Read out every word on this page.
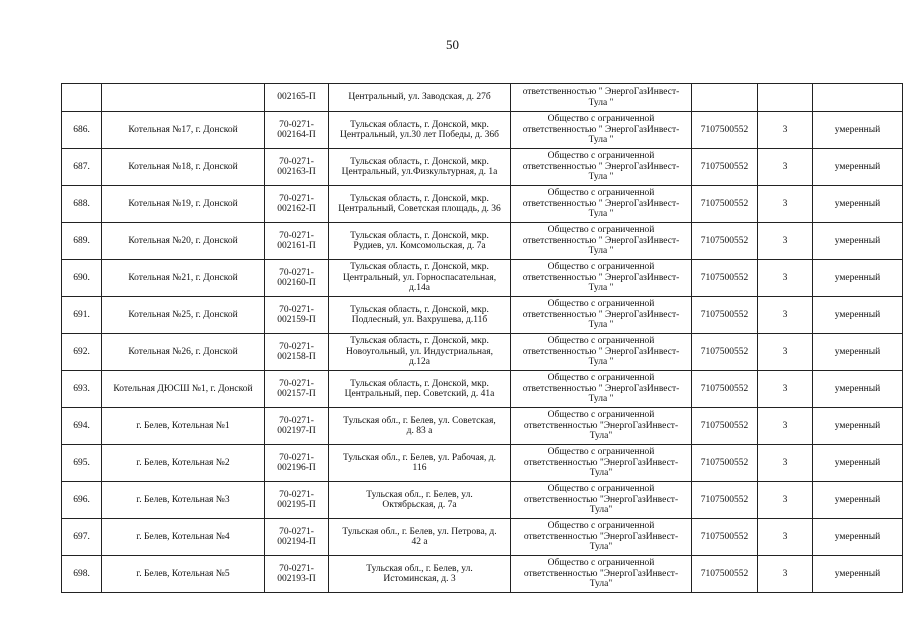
50
		002165-П	Центральный, ул. Заводская, д. 27б	ответственностью " ЭнергоГазИнвест-
Тула "			
686.	Котельная №17, г. Донской	70-0271-
002164-П	Тульская область, г. Донской, мкр.
Центральный, ул.30 лет Победы, д. 36б	Общество с ограниченной
ответственностью " ЭнергоГазИнвест-
Тула "	7107500552	3	умеренный
687.	Котельная №18, г. Донской	70-0271-
002163-П	Тульская область, г. Донской, мкр.
Центральный, ул.Физкультурная, д. 1а	Общество с ограниченной
ответственностью " ЭнергоГазИнвест-
Тула "	7107500552	3	умеренный
688.	Котельная №19, г. Донской	70-0271-
002162-П	Тульская область, г. Донской, мкр.
Центральный, Советская площадь, д. 36	Общество с ограниченной
ответственностью " ЭнергоГазИнвест-
Тула "	7107500552	3	умеренный
689.	Котельная №20, г. Донской	70-0271-
002161-П	Тульская область, г. Донской, мкр.
Рудиев, ул. Комсомольская, д. 7а	Общество с ограниченной
ответственностью " ЭнергоГазИнвест-
Тула "	7107500552	3	умеренный
690.	Котельная №21, г. Донской	70-0271-
002160-П	Тульская область, г. Донской, мкр.
Центральный, ул. Горноспасательная,
д.14а	Общество с ограниченной
ответственностью " ЭнергоГазИнвест-
Тула "	7107500552	3	умеренный
691.	Котельная №25, г. Донской	70-0271-
002159-П	Тульская область, г. Донской, мкр.
Подлесный, ул. Вахрушева, д.11б	Общество с ограниченной
ответственностью " ЭнергоГазИнвест-
Тула "	7107500552	3	умеренный
692.	Котельная №26, г. Донской	70-0271-
002158-П	Тульская область, г. Донской, мкр.
Новоугольный, ул. Индустриальная,
д.12а	Общество с ограниченной
ответственностью " ЭнергоГазИнвест-
Тула "	7107500552	3	умеренный
693.	Котельная ДЮСШ №1, г. Донской	70-0271-
002157-П	Тульская область, г. Донской, мкр.
Центральный, пер. Советский, д. 41а	Общество с ограниченной
ответственностью " ЭнергоГазИнвест-
Тула "	7107500552	3	умеренный
694.	г. Белев, Котельная №1	70-0271-
002197-П	Тульская обл., г. Белев, ул. Советская,
д. 83 а	Общество с ограниченной
ответственностью "ЭнергоГазИнвест-
Тула"	7107500552	3	умеренный
695.	г. Белев, Котельная №2	70-0271-
002196-П	Тульская обл., г. Белев, ул. Рабочая, д.
116	Общество с ограниченной
ответственностью "ЭнергоГазИнвест-
Тула"	7107500552	3	умеренный
696.	г. Белев, Котельная №3	70-0271-
002195-П	Тульская обл., г. Белев, ул.
Октябрьская, д. 7а	Общество с ограниченной
ответственностью "ЭнергоГазИнвест-
Тула"	7107500552	3	умеренный
697.	г. Белев, Котельная №4	70-0271-
002194-П	Тульская обл., г. Белев, ул. Петрова, д.
42 а	Общество с ограниченной
ответственностью "ЭнергоГазИнвест-
Тула"	7107500552	3	умеренный
698.	г. Белев, Котельная №5	70-0271-
002193-П	Тульская обл., г. Белев, ул.
Истоминская, д. 3	Общество с ограниченной
ответственностью "ЭнергоГазИнвест-
Тула"	7107500552	3	умеренный
